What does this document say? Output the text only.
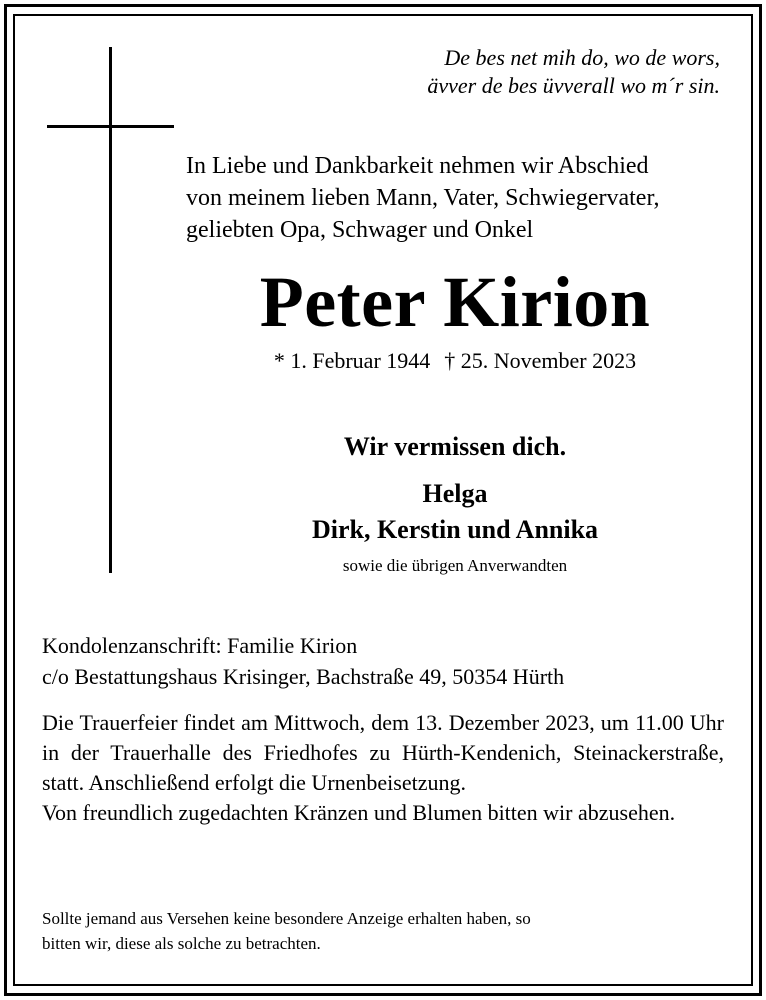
De bes net mih do, wo de wors,
ävver de bes üvverall wo m´r sin.
In Liebe und Dankbarkeit nehmen wir Abschied
von meinem lieben Mann, Vater, Schwiegervater,
geliebten Opa, Schwager und Onkel
Peter Kirion
* 1. Februar 1944 † 25. November 2023
Wir vermissen dich.
Helga
Dirk, Kerstin und Annika
sowie die übrigen Anverwandten
Kondolenzanschrift: Familie Kirion
c/o Bestattungshaus Krisinger, Bachstraße 49, 50354 Hürth

Die Trauerfeier findet am Mittwoch, dem 13. Dezember 2023, um 11.00 Uhr in der Trauerhalle des Friedhofes zu Hürth-Kendenich, Steinackerstraße, statt. Anschließend erfolgt die Urnenbeisetzung.

Von freundlich zugedachten Kränzen und Blumen bitten wir abzusehen.

Sollte jemand aus Versehen keine besondere Anzeige erhalten haben, so
bitten wir, diese als solche zu betrachten.
